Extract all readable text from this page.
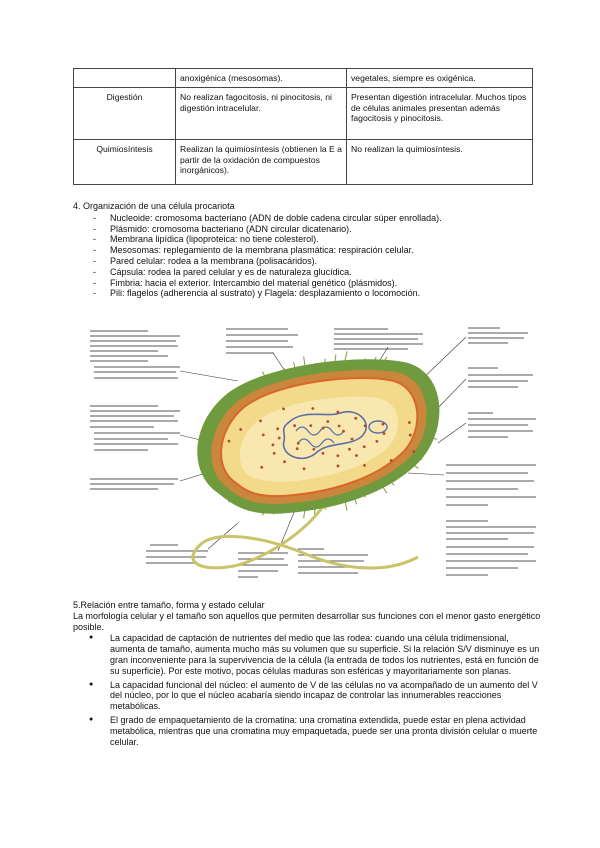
	anoxigénica (mesosomas).	vegetales, siempre es oxigénica.
Digestión	No realizan fagocitosis, ni pinocitosis, ni digestión intracelular.	Presentan digestión intracelular. Muchos tipos de células animales presentan además fagocitosis y pinocitosis.
Quimiosíntesis	Realizan la quimiosíntesis (obtienen la E a partir de la oxidación de compuestos inorgánicos).	No realizan la quimiosíntesis.
4. Organización de una célula procariota
- Nucleoide: cromosoma bacteriano (ADN de doble cadena circular súper enrollada).
- Plásmido: cromosoma bacteriano (ADN circular dicatenario).
- Membrana lipídica (lipoproteica: no tiene colesterol).
- Mesosomas: replegamiento de la membrana plasmática: respiración celular.
- Pared celular: rodea a la membrana (polisacáridos).
- Cápsula: rodea la pared celular y es de naturaleza glucídica.
- Fimbria: hacia el exterior. Intercambio del material genético (plásmidos).
- Pili: flagelos (adherencia al sustrato) y Flagela: desplazamiento o locomoción.

5.Relación entre tamaño, forma y estado celular

La morfología celular y el tamaño son aquellos que permiten desarrollar sus funciones con el menor gasto energético posible.

● La capacidad de captación de nutrientes del medio que las rodea: cuando una célula tridimensional, aumenta de tamaño, aumenta mucho más su volumen que su superficie. Si la relación S/V disminuye es un gran inconveniente para la supervivencia de la célula (la entrada de todos los nutrientes, está en función de su superficie). Por este motivo, pocas células maduras son esféricas y mayoritariamente son planas.
● La capacidad funcional del núcleo: el aumento de V de las células no va acompañado de un aumento del V del núcleo, por lo que el núcleo acabaría siendo incapaz de controlar las innumerables reacciones metabólicas.
● El grado de empaquetamiento de la cromatina: una cromatina extendida, puede estar en plena actividad metabólica, mientras que una cromatina muy empaquetada, puede ser una pronta división celular o muerte celular.
